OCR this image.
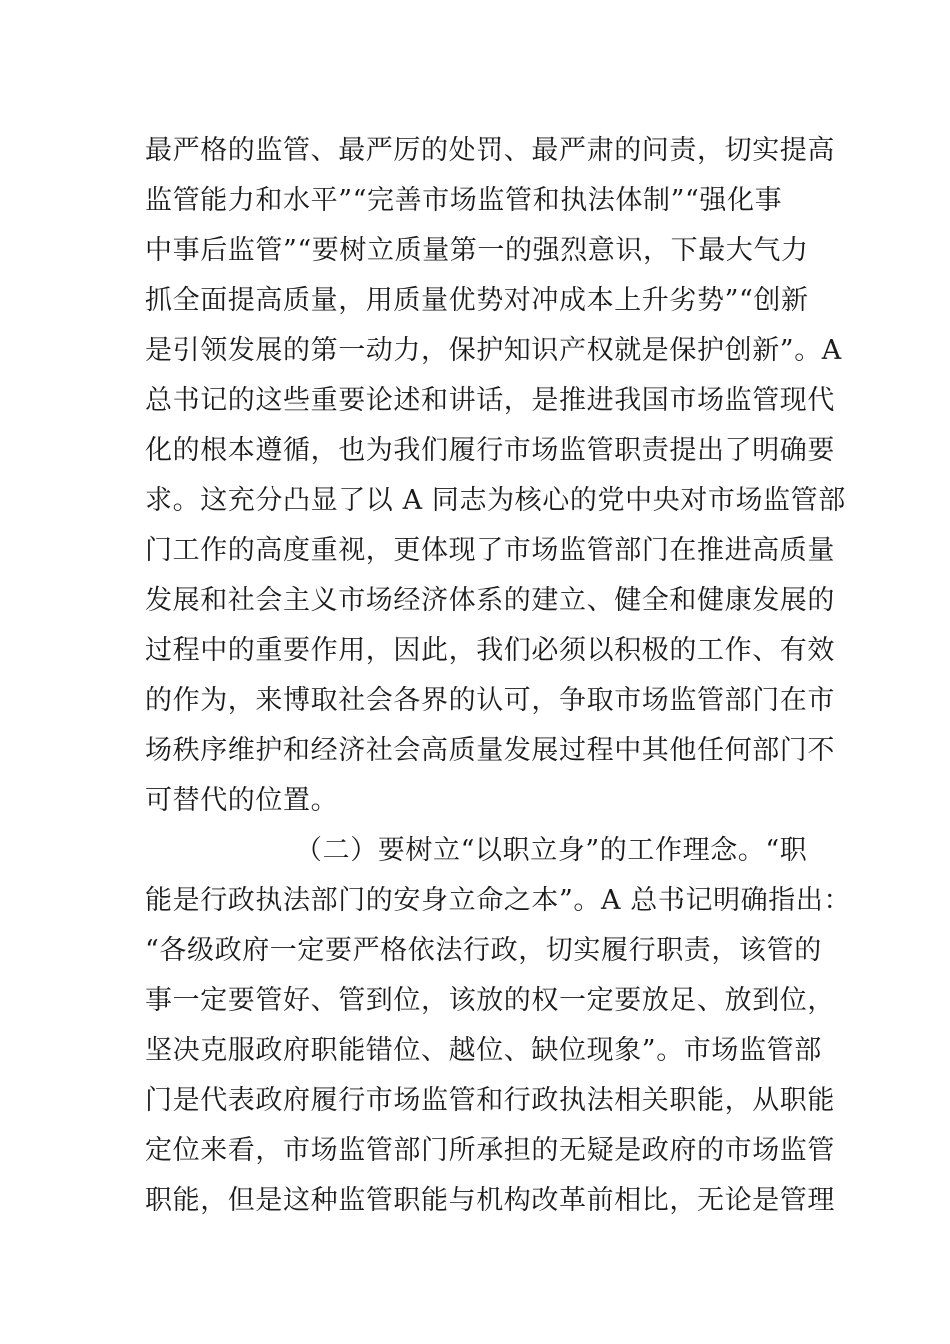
最严格的监管、最严厉的处罚、最严肃的问责，切实提高
监管能力和水平”“完善市场监管和执法体制”“强化事
中事后监管”“要树立质量第一的强烈意识，下最大气力
抓全面提高质量，用质量优势对冲成本上升劣势”“创新
是引领发展的第一动力，保护知识产权就是保护创新”。A
总书记的这些重要论述和讲话，是推进我国市场监管现代
化的根本遵循，也为我们履行市场监管职责提出了明确要
求。这充分凸显了以 A 同志为核心的党中央对市场监管部
门工作的高度重视，更体现了市场监管部门在推进高质量
发展和社会主义市场经济体系的建立、健全和健康发展的
过程中的重要作用，因此，我们必须以积极的工作、有效
的作为，来博取社会各界的认可，争取市场监管部门在市
场秩序维护和经济社会高质量发展过程中其他任何部门不
可替代的位置。
（二）要树立“以职立身”的工作理念。“职
能是行政执法部门的安身立命之本”。A 总书记明确指出：
“各级政府一定要严格依法行政，切实履行职责，该管的
事一定要管好、管到位，该放的权一定要放足、放到位，
坚决克服政府职能错位、越位、缺位现象”。市场监管部
门是代表政府履行市场监管和行政执法相关职能，从职能
定位来看，市场监管部门所承担的无疑是政府的市场监管
职能，但是这种监管职能与机构改革前相比，无论是管理
